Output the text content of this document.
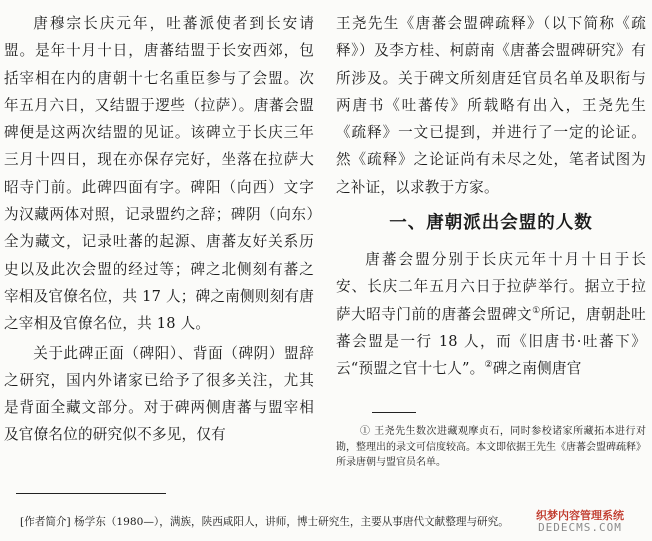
唐穆宗长庆元年，吐蕃派使者到长安请盟。是年十月十日，唐蕃结盟于长安西郊，包括宰相在内的唐朝十七名重臣参与了会盟。次年五月六日，又结盟于逻些（拉萨）。唐蕃会盟碑便是这两次结盟的见证。该碑立于长庆三年三月十四日，现在亦保存完好，坐落在拉萨大昭寺门前。此碑四面有字。碑阳（向西）文字为汉藏两体对照，记录盟约之辞；碑阴（向东）全为藏文，记录吐蕃的起源、唐蕃友好关系历史以及此次会盟的经过等；碑之北侧刻有蕃之宰相及官僚名位，共 17 人；碑之南侧则刻有唐之宰相及官僚名位，共 18 人。

关于此碑正面（碑阳）、背面（碑阴）盟辞之研究，国内外诸家已给予了很多关注，尤其是背面全藏文部分。对于碑两侧唐蕃与盟宰相及官僚名位的研究似不多见，仅有

王尧先生《唐蕃会盟碑疏释》（以下简称《疏释》）及李方桂、柯蔚南《唐蕃会盟碑研究》有所涉及。关于碑文所刻唐廷官员名单及职衔与两唐书《吐蕃传》所载略有出入，王尧先生《疏释》一文已提到，并进行了一定的论证。然《疏释》之论证尚有未尽之处，笔者试图为之补证，以求教于方家。

一、唐朝派出会盟的人数

唐蕃会盟分别于长庆元年十月十日于长安、长庆二年五月六日于拉萨举行。据立于拉萨大昭寺门前的唐蕃会盟碑文①所记，唐朝赴吐蕃会盟是一行 18 人，而《旧唐书·吐蕃下》云“预盟之官十七人”。②碑之南侧唐官

① 王尧先生数次进藏观摩贞石，同时参校诸家所藏拓本进行对勘，整理出的录文可信度较高。本文即依据王先生《唐蕃会盟碑疏释》所录唐朝与盟官员名单。

[作者简介] 杨学东（1980—），满族，陕西咸阳人，讲师，博士研究生，主要从事唐代文献整理与研究。	织梦内容管理系统
DEDECMS.COM
